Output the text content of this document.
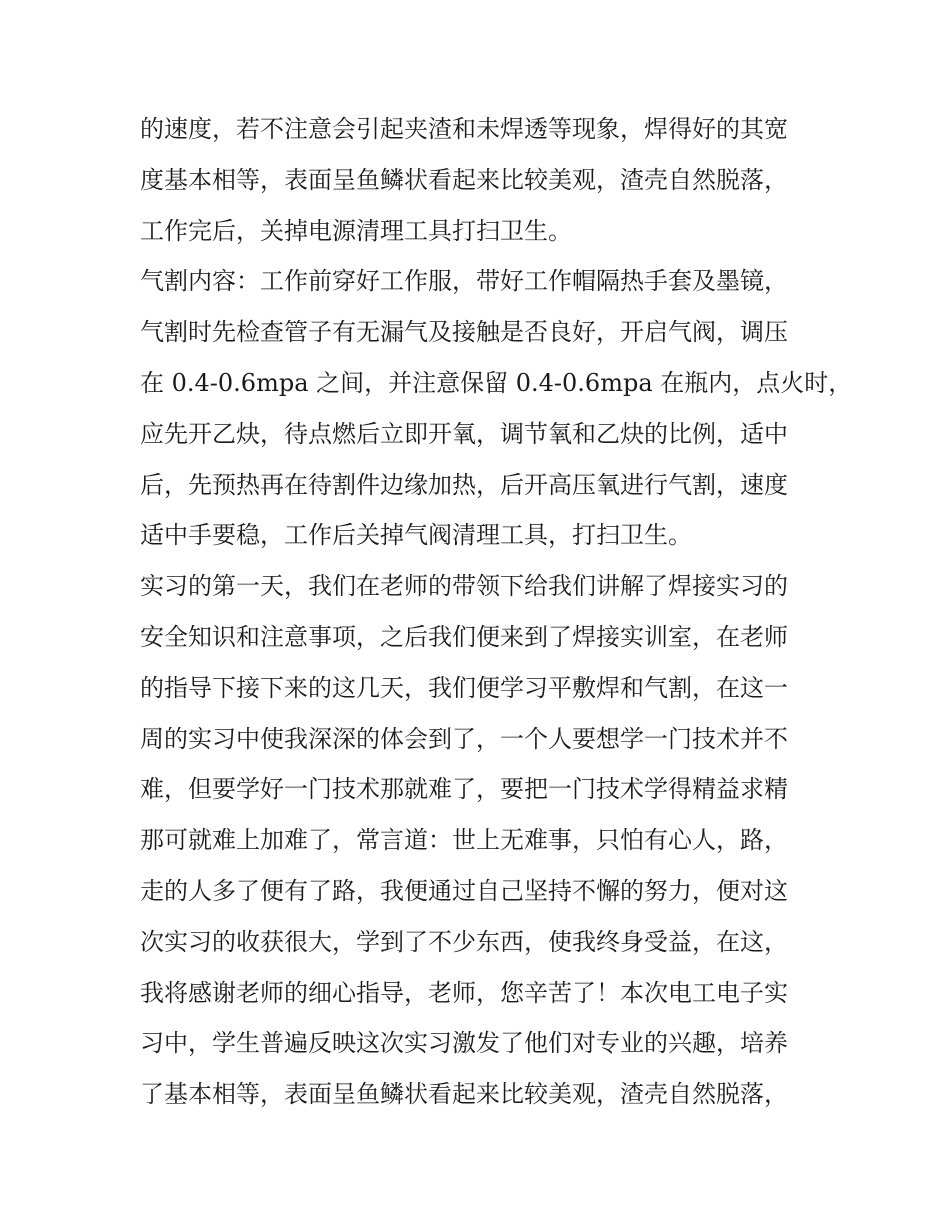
的速度，若不注意会引起夹渣和未焊透等现象，焊得好的其宽
度基本相等，表面呈鱼鳞状看起来比较美观，渣壳自然脱落，
工作完后，关掉电源清理工具打扫卫生。
气割内容：工作前穿好工作服，带好工作帽隔热手套及墨镜，
气割时先检查管子有无漏气及接触是否良好，开启气阀，调压
在 0.4-0.6mpa 之间，并注意保留 0.4-0.6mpa 在瓶内，点火时，
应先开乙炔，待点燃后立即开氧，调节氧和乙炔的比例，适中
后，先预热再在待割件边缘加热，后开高压氧进行气割，速度
适中手要稳，工作后关掉气阀清理工具，打扫卫生。
实习的第一天，我们在老师的带领下给我们讲解了焊接实习的
安全知识和注意事项，之后我们便来到了焊接实训室，在老师
的指导下接下来的这几天，我们便学习平敷焊和气割，在这一
周的实习中使我深深的体会到了，一个人要想学一门技术并不
难，但要学好一门技术那就难了，要把一门技术学得精益求精
那可就难上加难了，常言道：世上无难事，只怕有心人，路，
走的人多了便有了路，我便通过自己坚持不懈的努力，便对这
次实习的收获很大，学到了不少东西，使我终身受益，在这，
我将感谢老师的细心指导，老师，您辛苦了！本次电工电子实
习中，学生普遍反映这次实习激发了他们对专业的兴趣，培养
了基本相等，表面呈鱼鳞状看起来比较美观，渣壳自然脱落，
